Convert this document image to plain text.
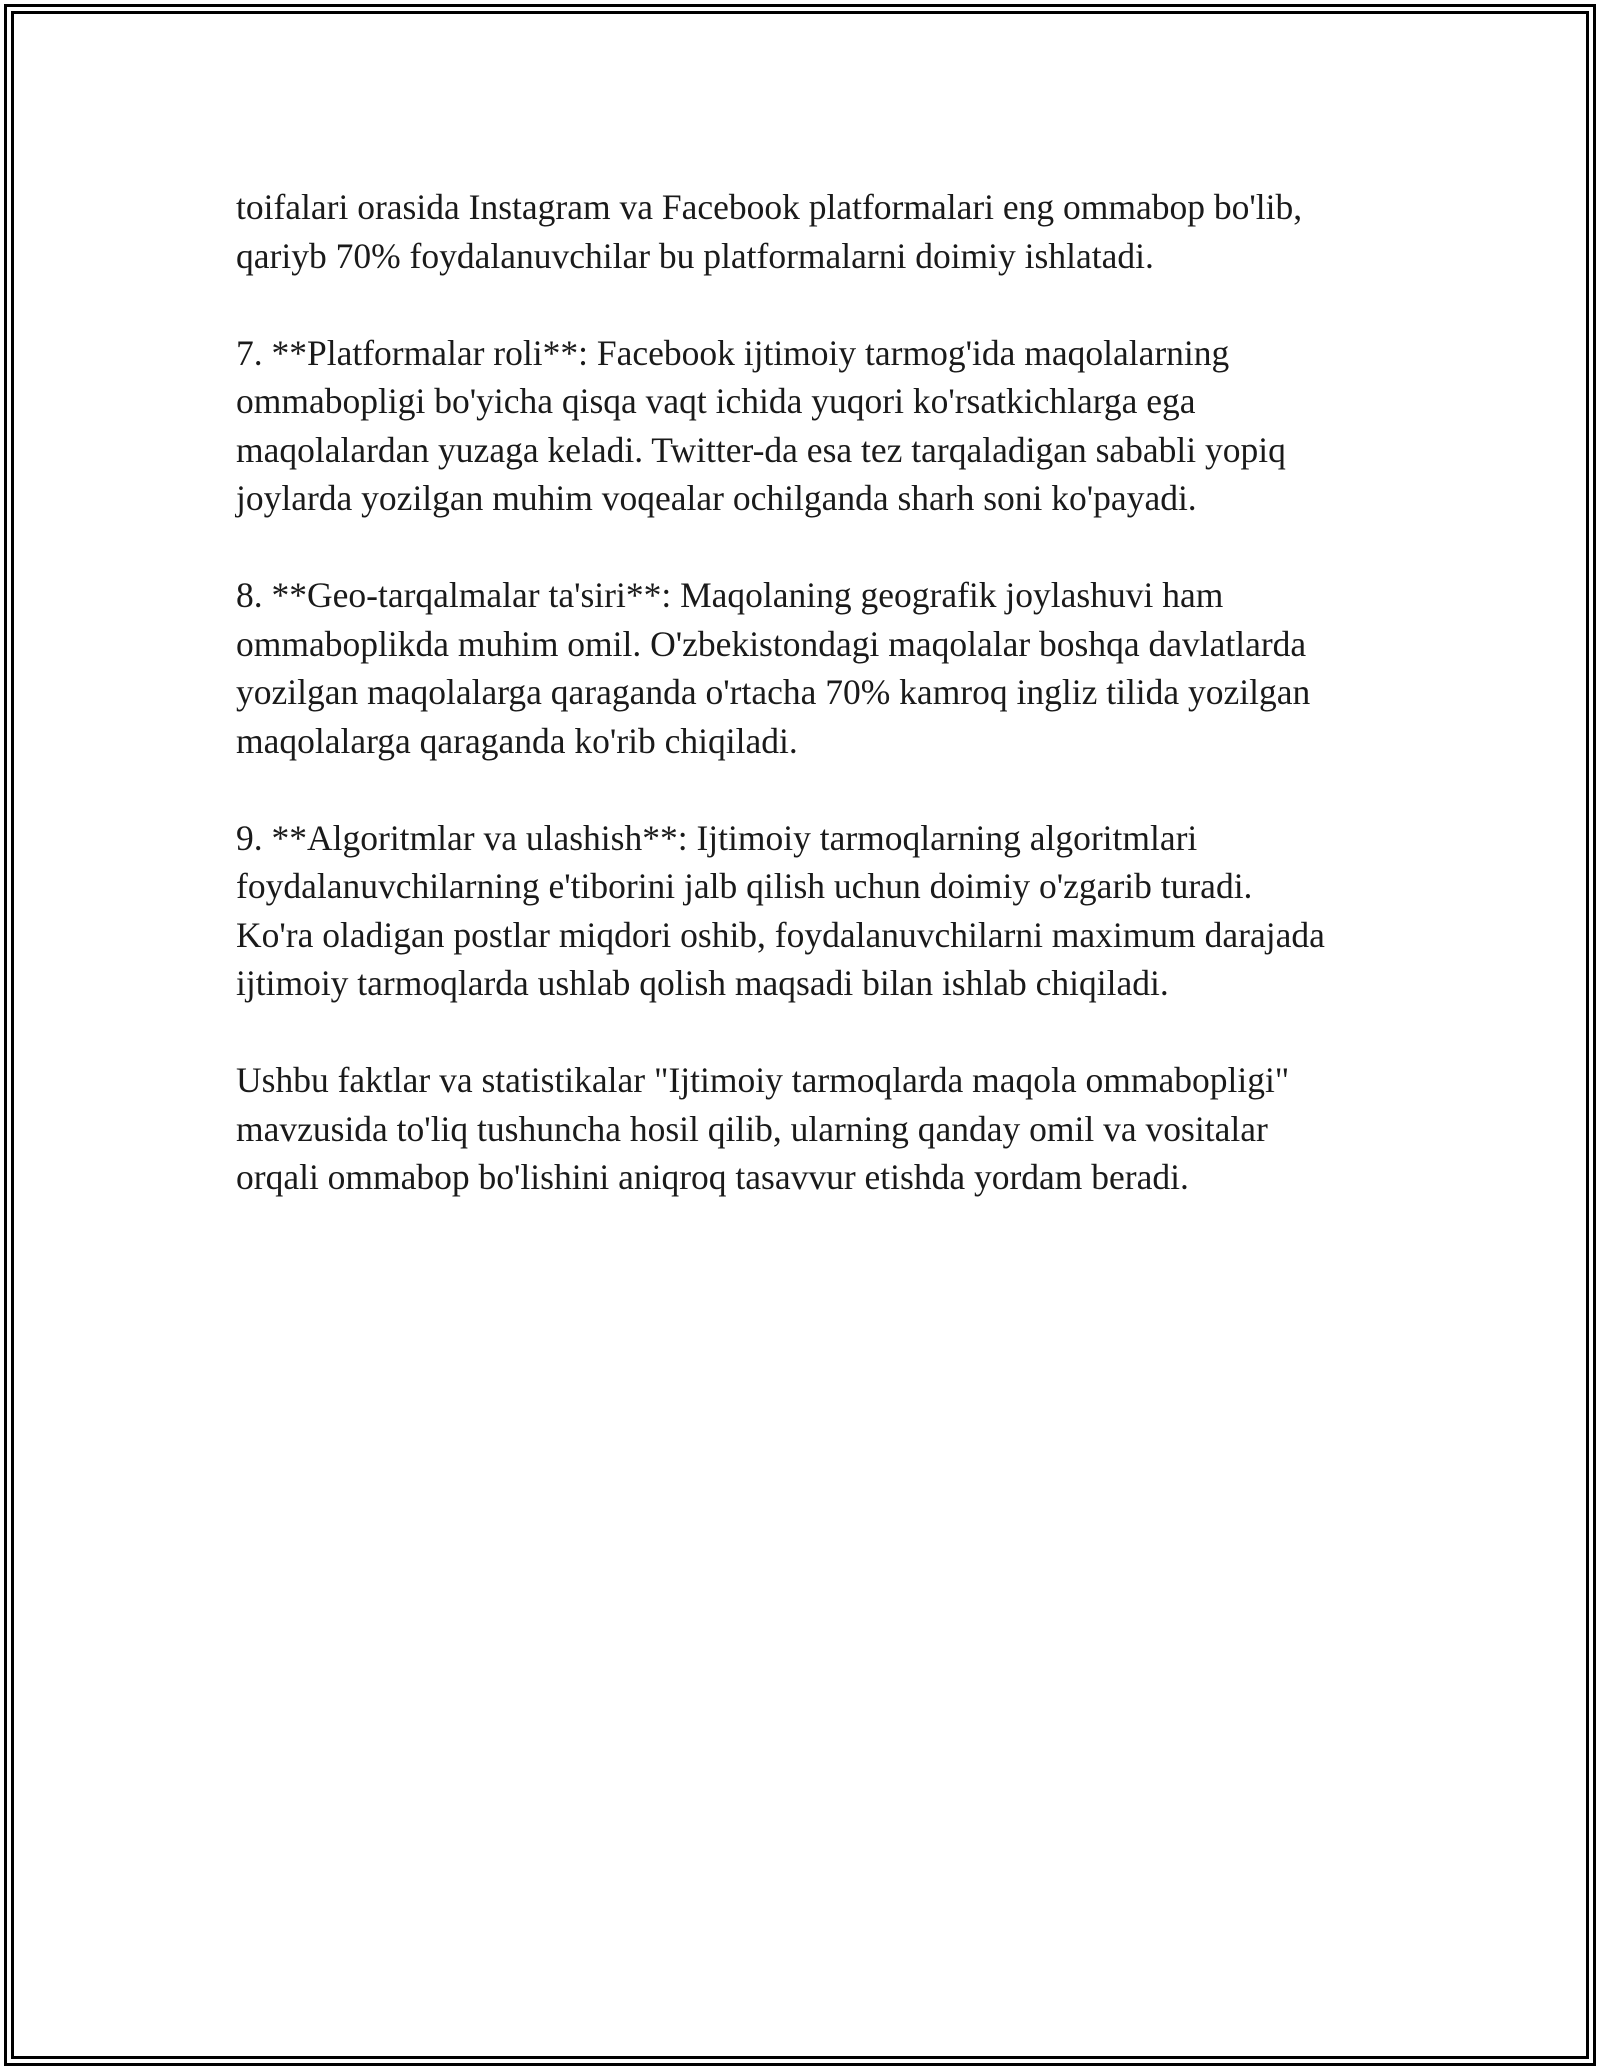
toifalari orasida Instagram va Facebook platformalari eng ommabop bo'lib,
qariyb 70% foydalanuvchilar bu platformalarni doimiy ishlatadi.

7. **Platformalar roli**: Facebook ijtimoiy tarmog'ida maqolalarning
ommabopligi bo'yicha qisqa vaqt ichida yuqori ko'rsatkichlarga ega
maqolalardan yuzaga keladi. Twitter-da esa tez tarqaladigan sababli yopiq
joylarda yozilgan muhim voqealar ochilganda sharh soni ko'payadi.

8. **Geo-tarqalmalar ta'siri**: Maqolaning geografik joylashuvi ham
ommaboplikda muhim omil. O'zbekistondagi maqolalar boshqa davlatlarda
yozilgan maqolalarga qaraganda o'rtacha 70% kamroq ingliz tilida yozilgan
maqolalarga qaraganda ko'rib chiqiladi.

9. **Algoritmlar va ulashish**: Ijtimoiy tarmoqlarning algoritmlari
foydalanuvchilarning e'tiborini jalb qilish uchun doimiy o'zgarib turadi.
Ko'ra oladigan postlar miqdori oshib, foydalanuvchilarni maximum darajada
ijtimoiy tarmoqlarda ushlab qolish maqsadi bilan ishlab chiqiladi.

Ushbu faktlar va statistikalar "Ijtimoiy tarmoqlarda maqola ommabopligi"
mavzusida to'liq tushuncha hosil qilib, ularning qanday omil va vositalar
orqali ommabop bo'lishini aniqroq tasavvur etishda yordam beradi.
